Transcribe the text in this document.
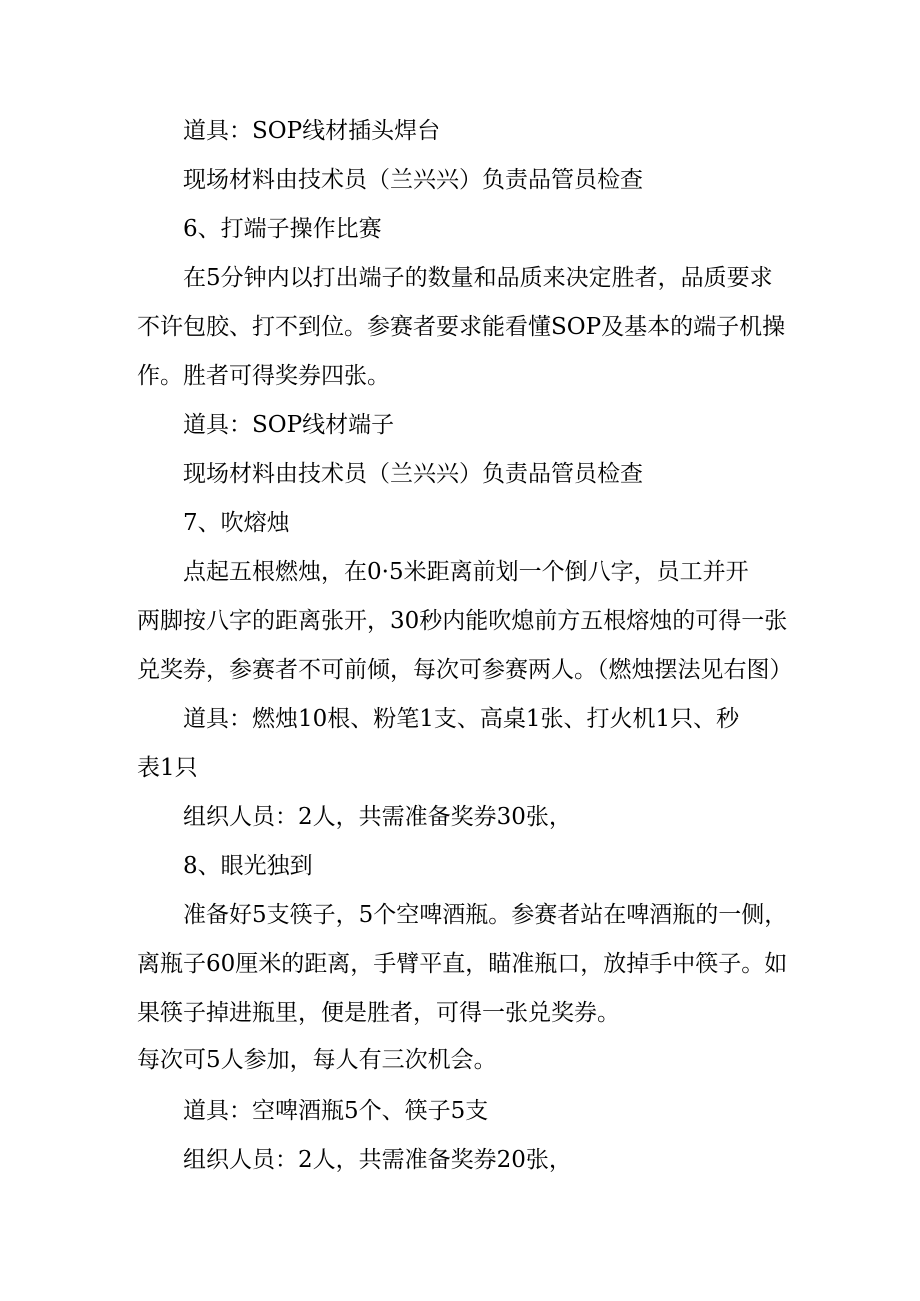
道具：SOP线材插头焊台
现场材料由技术员（兰兴兴）负责品管员检查
6、打端子操作比赛
在5分钟内以打出端子的数量和品质来决定胜者，品质要求
不许包胶、打不到位。参赛者要求能看懂SOP及基本的端子机操
作。胜者可得奖券四张。
道具：SOP线材端子
现场材料由技术员（兰兴兴）负责品管员检查
7、吹熔烛
点起五根燃烛，在0·5米距离前划一个倒八字，员工并开
两脚按八字的距离张开，30秒内能吹熄前方五根熔烛的可得一张
兑奖券，参赛者不可前倾，每次可参赛两人。（燃烛摆法见右图）
道具：燃烛10根、粉笔1支、高桌1张、打火机1只、秒
表1只
组织人员：2人，共需准备奖券30张，
8、眼光独到
准备好5支筷子，5个空啤酒瓶。参赛者站在啤酒瓶的一侧，
离瓶子60厘米的距离，手臂平直，瞄准瓶口，放掉手中筷子。如
果筷子掉进瓶里，便是胜者，可得一张兑奖券。
每次可5人参加，每人有三次机会。
道具：空啤酒瓶5个、筷子5支
组织人员：2人，共需准备奖券20张，
